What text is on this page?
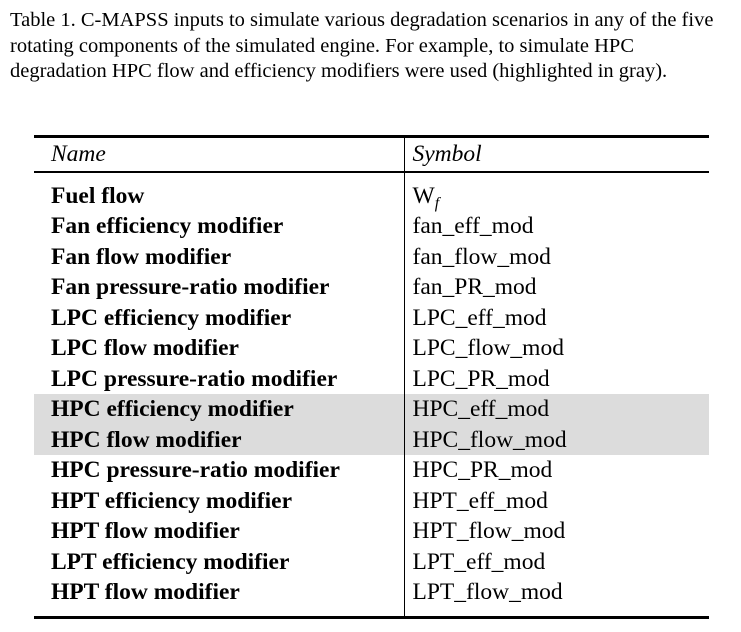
Table 1. C-MAPSS inputs to simulate various degradation scenarios in any of the five rotating components of the simulated engine. For example, to simulate HPC degradation HPC flow and efficiency modifiers were used (highlighted in gray).

Name	Symbol

Fuel flow	$W_f$
Fan efficiency modifier	fan_eff_mod
Fan flow modifier	fan_flow_mod
Fan pressure-ratio modifier	fan_PR_mod
LPC efficiency modifier	LPC_eff_mod
LPC flow modifier	LPC_flow_mod
LPC pressure-ratio modifier	LPC_PR_mod
HPC efficiency modifier	HPC_eff_mod
HPC flow modifier	HPC_flow_mod
HPC pressure-ratio modifier	HPC_PR_mod
HPT efficiency modifier	HPT_eff_mod
HPT flow modifier	HPT_flow_mod
LPT efficiency modifier	LPT_eff_mod
HPT flow modifier	LPT_flow_mod
